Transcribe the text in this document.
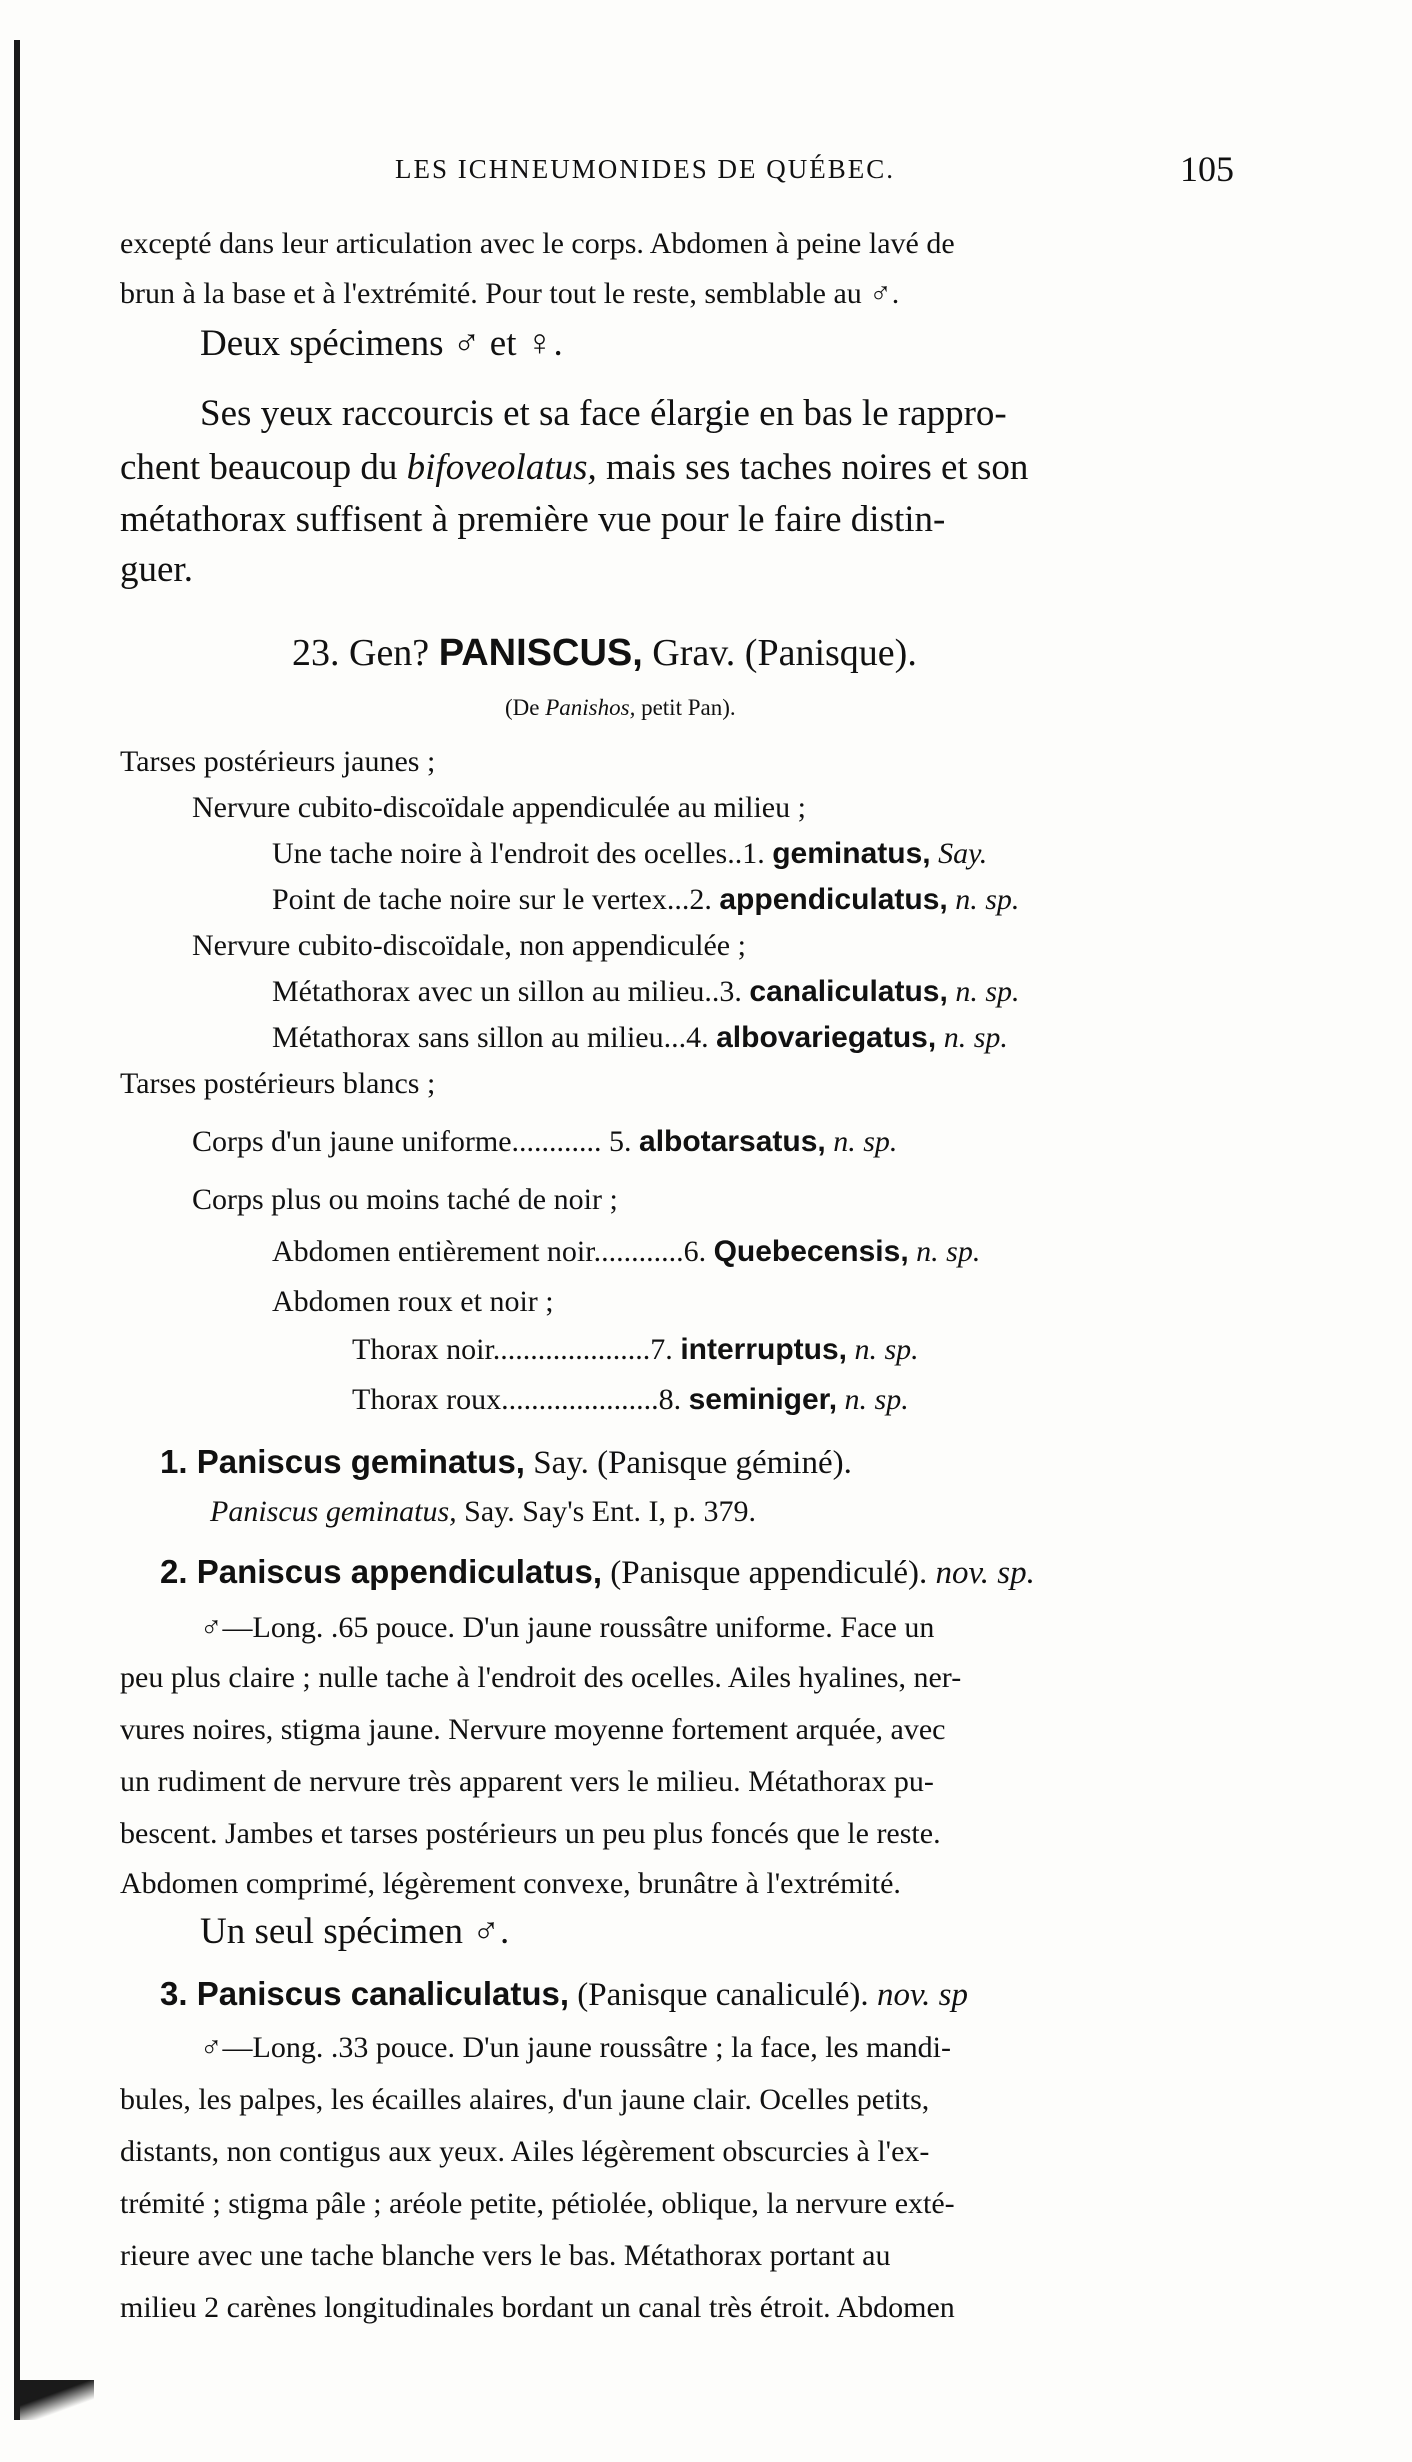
LES ICHNEUMONIDES DE QUÉBEC.	105
excepté dans leur articulation avec le corps. Abdomen à peine lavé de
brun à la base et à l'extrémité. Pour tout le reste, semblable au ♂.
Deux spécimens ♂ et ♀.
Ses yeux raccourcis et sa face élargie en bas le rappro-
chent beaucoup du bifoveolatus, mais ses taches noires et son
métathorax suffisent à première vue pour le faire distin-
guer.
23. Gen? PANISCUS, Grav. (Panisque).
(De Panishos, petit Pan).
Tarses postérieurs jaunes ;
Nervure cubito-discoïdale appendiculée au milieu ;
Une tache noire à l'endroit des ocelles..1. geminatus, Say.
Point de tache noire sur le vertex...2. appendiculatus, n. sp.
Nervure cubito-discoïdale, non appendiculée ;
Métathorax avec un sillon au milieu..3. canaliculatus, n. sp.
Métathorax sans sillon au milieu...4. albovariegatus, n. sp.
Tarses postérieurs blancs ;
Corps d'un jaune uniforme............ 5. albotarsatus, n. sp.
Corps plus ou moins taché de noir ;
Abdomen entièrement noir............6. Quebecensis, n. sp.
Abdomen roux et noir ;
Thorax noir.....................7. interruptus, n. sp.
Thorax roux.....................8. seminiger, n. sp.
1. Paniscus geminatus, Say. (Panisque géminé).
Paniscus geminatus, Say. Say's Ent. I, p. 379.
2. Paniscus appendiculatus, (Panisque appendiculé). nov. sp.
♂—Long. .65 pouce. D'un jaune roussâtre uniforme. Face un
peu plus claire ; nulle tache à l'endroit des ocelles. Ailes hyalines, ner-
vures noires, stigma jaune. Nervure moyenne fortement arquée, avec
un rudiment de nervure très apparent vers le milieu. Métathorax pu-
bescent. Jambes et tarses postérieurs un peu plus foncés que le reste.
Abdomen comprimé, légèrement convexe, brunâtre à l'extrémité.
Un seul spécimen ♂.
3. Paniscus canaliculatus, (Panisque canaliculé). nov. sp
♂—Long. .33 pouce. D'un jaune roussâtre ; la face, les mandi-
bules, les palpes, les écailles alaires, d'un jaune clair. Ocelles petits,
distants, non contigus aux yeux. Ailes légèrement obscurcies à l'ex-
trémité ; stigma pâle ; aréole petite, pétiolée, oblique, la nervure exté-
rieure avec une tache blanche vers le bas. Métathorax portant au
milieu 2 carènes longitudinales bordant un canal très étroit. Abdomen
